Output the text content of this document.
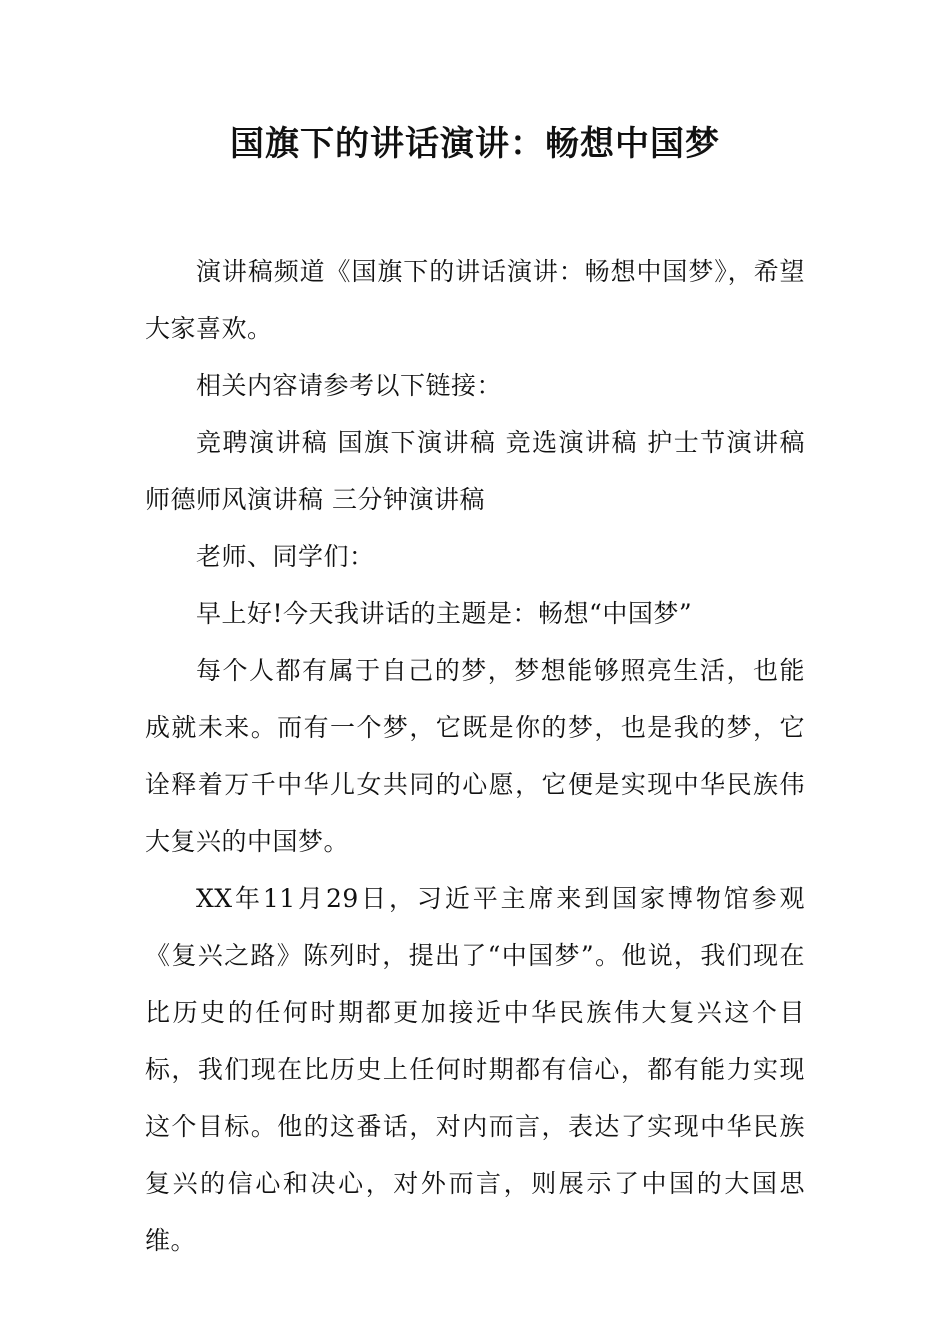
国旗下的讲话演讲：畅想中国梦

演讲稿频道《国旗下的讲话演讲：畅想中国梦》，希望大家喜欢。

相关内容请参考以下链接：

竞聘演讲稿 国旗下演讲稿 竞选演讲稿 护士节演讲稿 师德师风演讲稿 三分钟演讲稿

老师、同学们：

早上好!今天我讲话的主题是：畅想“中国梦”

每个人都有属于自己的梦，梦想能够照亮生活，也能成就未来。而有一个梦，它既是你的梦，也是我的梦，它诠释着万千中华儿女共同的心愿，它便是实现中华民族伟大复兴的中国梦。

XX年11月29日，习近平主席来到国家博物馆参观《复兴之路》陈列时，提出了“中国梦”。他说，我们现在比历史的任何时期都更加接近中华民族伟大复兴这个目标，我们现在比历史上任何时期都有信心，都有能力实现这个目标。他的这番话，对内而言，表达了实现中华民族复兴的信心和决心，对外而言，则展示了中国的大国思维。
